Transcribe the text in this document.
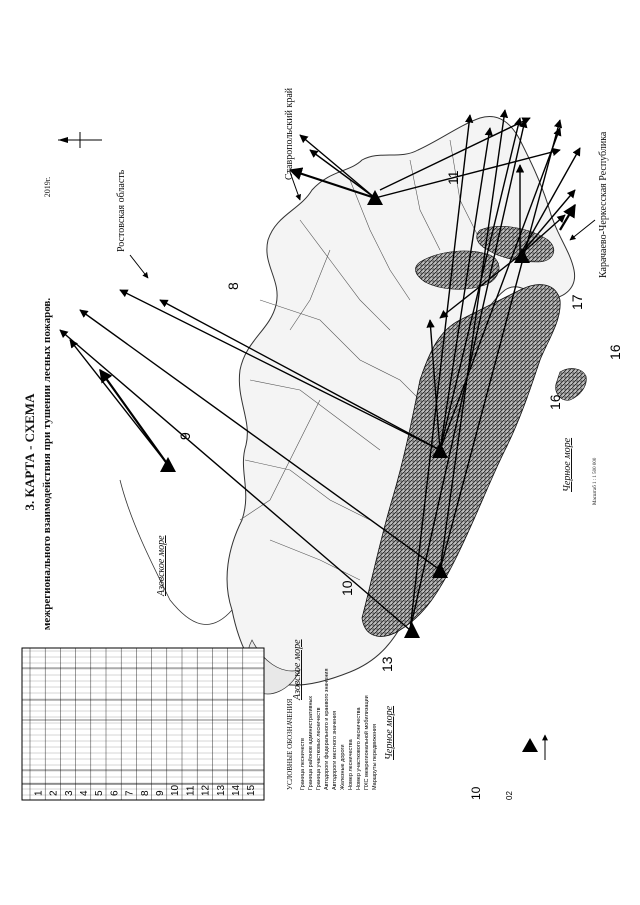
3. КАРТА - СХЕМА межрегионального взаимодействия при тушении лесных пожаров.
2019г.
Ставропольский край
Ростовская область	Карачаево-Черкесская Республика
Азовское море
Азовское море
Черное море
Черное море
11
8
9
10
16
16
17
13
УСЛОВНЫЕ ОБОЗНАЧЕНИЯ Граница лесничеств Граница районов административных Граница участковых лесничеств Автодороги федерального и краевого значения Автодороги местного значения Железные дороги Номер лесничества Номер участкового лесничества ПХС межрегиональной мобилизации Маршруты передвижения
10	02
1 2 3 4 5 6 7 8 9 10 11 12 13 14 15
Масштаб 1 : 1 500 000
